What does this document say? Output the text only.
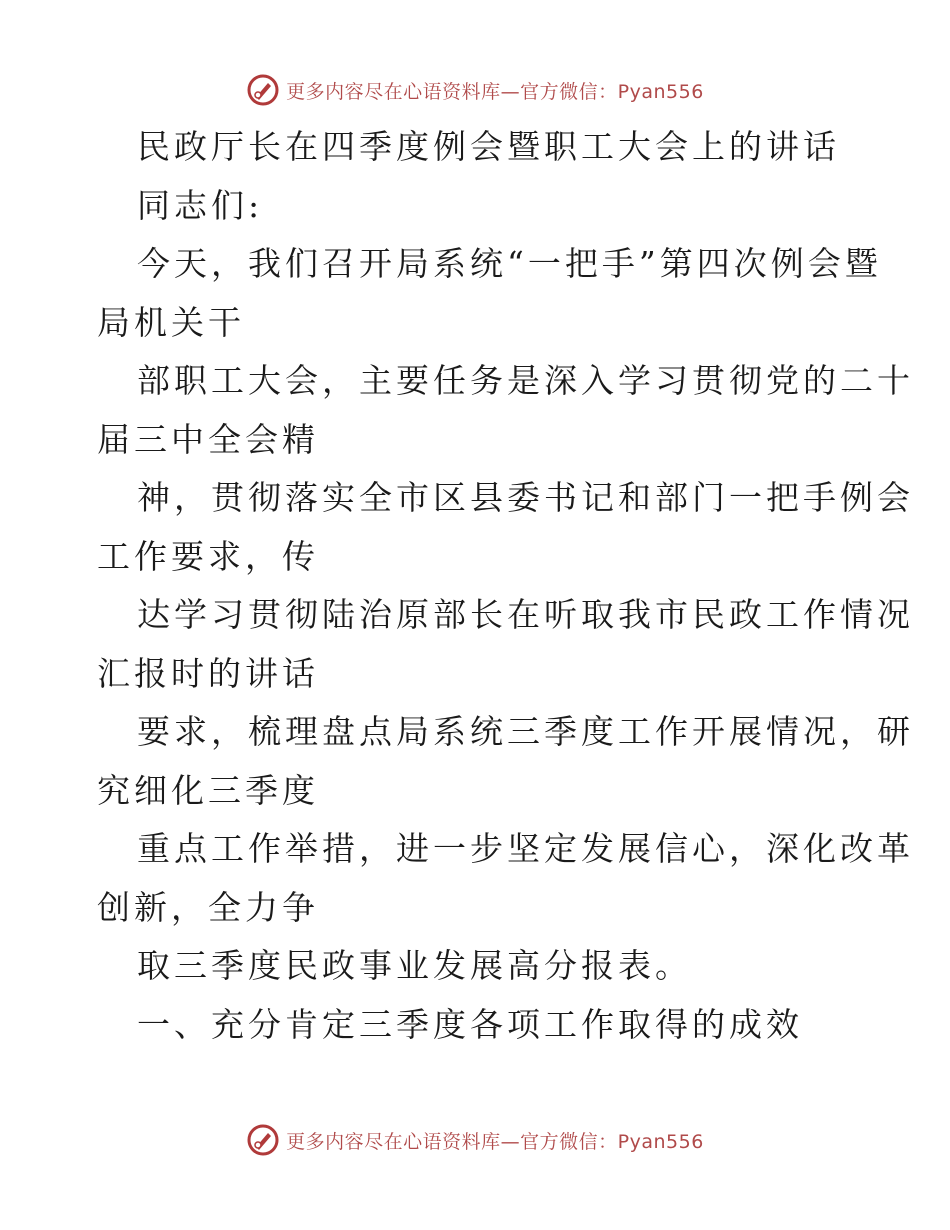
更多内容尽在心语资料库—官方微信：Pyan556
民政厅长在四季度例会暨职工大会上的讲话
同志们:
今天，我们召开局系统“一把手”第四次例会暨
局机关干
部职工大会，主要任务是深入学习贯彻党的二十
届三中全会精
神，贯彻落实全市区县委书记和部门一把手例会
工作要求，传
达学习贯彻陆治原部长在听取我市民政工作情况
汇报时的讲话
要求，梳理盘点局系统三季度工作开展情况，研
究细化三季度
重点工作举措，进一步坚定发展信心，深化改革
创新，全力争
取三季度民政事业发展高分报表。
一、充分肯定三季度各项工作取得的成效
更多内容尽在心语资料库—官方微信：Pyan556
